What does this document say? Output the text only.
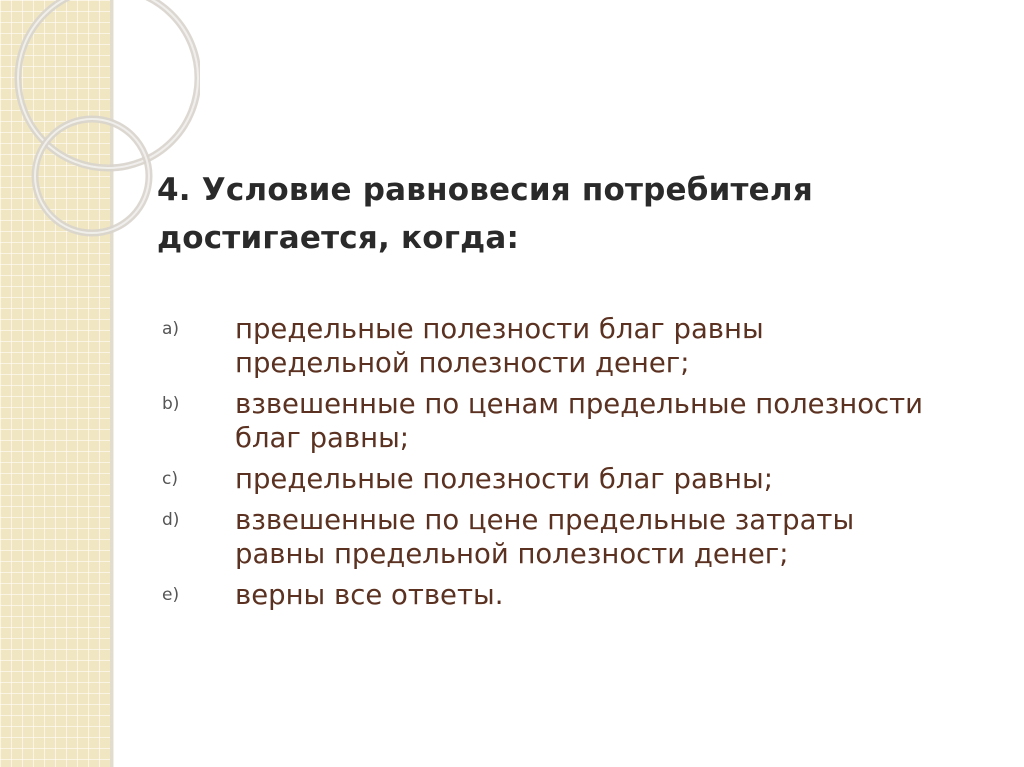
4. Условие равновесия потребителя
достигается, когда:
a)	предельные полезности благ равны
предельной полезности денег;
b)	взвешенные по ценам предельные полезности
благ равны;
c)	предельные полезности благ равны;
d)	взвешенные по цене предельные затраты
равны предельной полезности денег;
e)	верны все ответы.
